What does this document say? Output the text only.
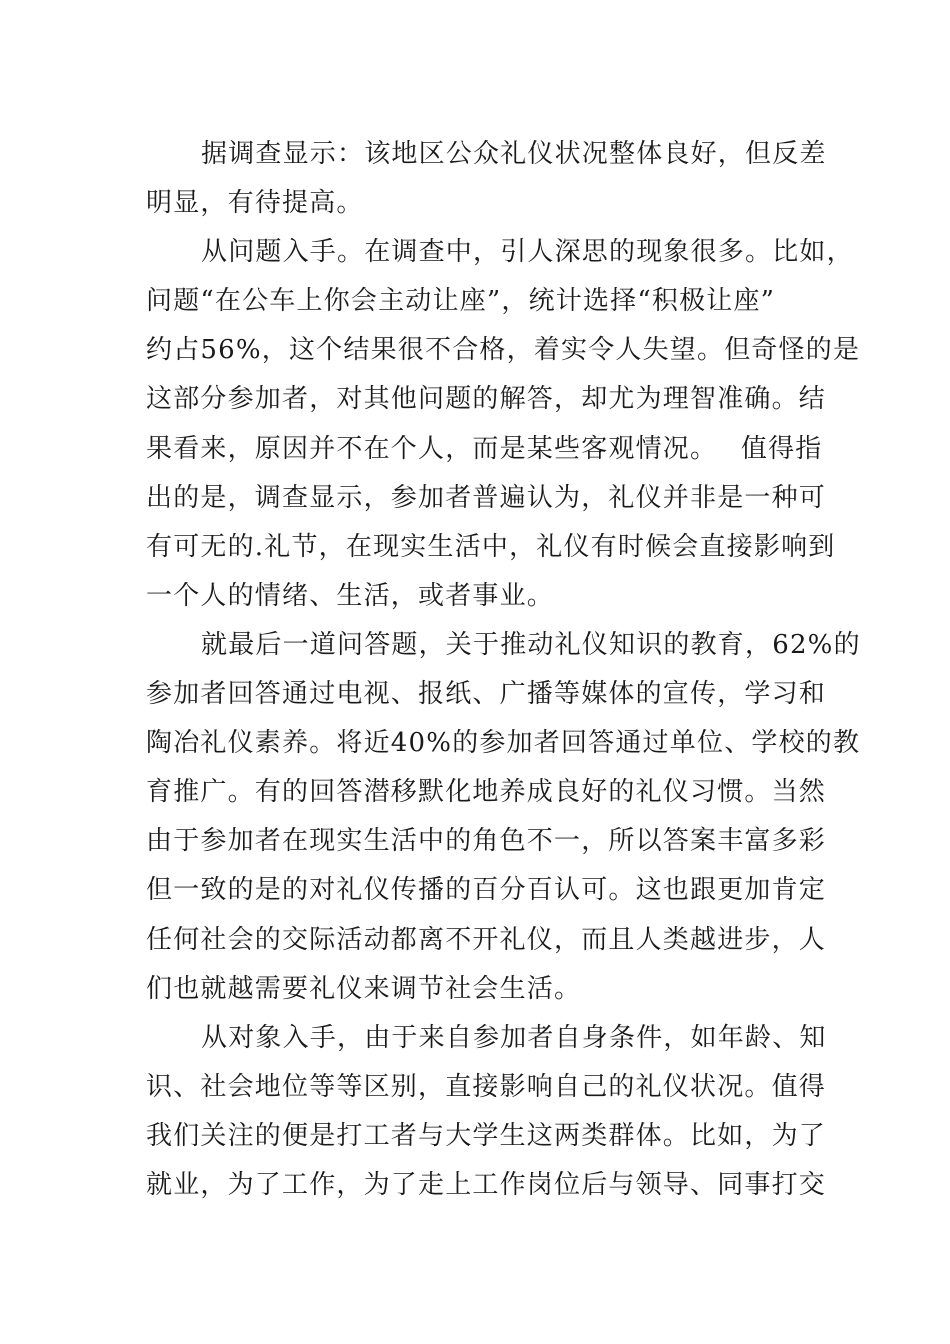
据调查显示：该地区公众礼仪状况整体良好，但反差
明显，有待提高。
从问题入手。在调查中，引人深思的现象很多。比如，
问题“在公车上你会主动让座”，统计选择“积极让座”
约占56%，这个结果很不合格，着实令人失望。但奇怪的是
这部分参加者，对其他问题的解答，却尤为理智准确。结
果看来，原因并不在个人，而是某些客观情况。　 值得指
出的是，调查显示，参加者普遍认为，礼仪并非是一种可
有可无的.礼节，在现实生活中，礼仪有时候会直接影响到
一个人的情绪、生活，或者事业。
就最后一道问答题，关于推动礼仪知识的教育，62%的
参加者回答通过电视、报纸、广播等媒体的宣传，学习和
陶冶礼仪素养。将近40%的参加者回答通过单位、学校的教
育推广。有的回答潜移默化地养成良好的礼仪习惯。当然
由于参加者在现实生活中的角色不一，所以答案丰富多彩
但一致的是的对礼仪传播的百分百认可。这也跟更加肯定
任何社会的交际活动都离不开礼仪，而且人类越进步，人
们也就越需要礼仪来调节社会生活。
从对象入手，由于来自参加者自身条件，如年龄、知
识、社会地位等等区别，直接影响自己的礼仪状况。值得
我们关注的便是打工者与大学生这两类群体。比如，为了
就业，为了工作，为了走上工作岗位后与领导、同事打交
